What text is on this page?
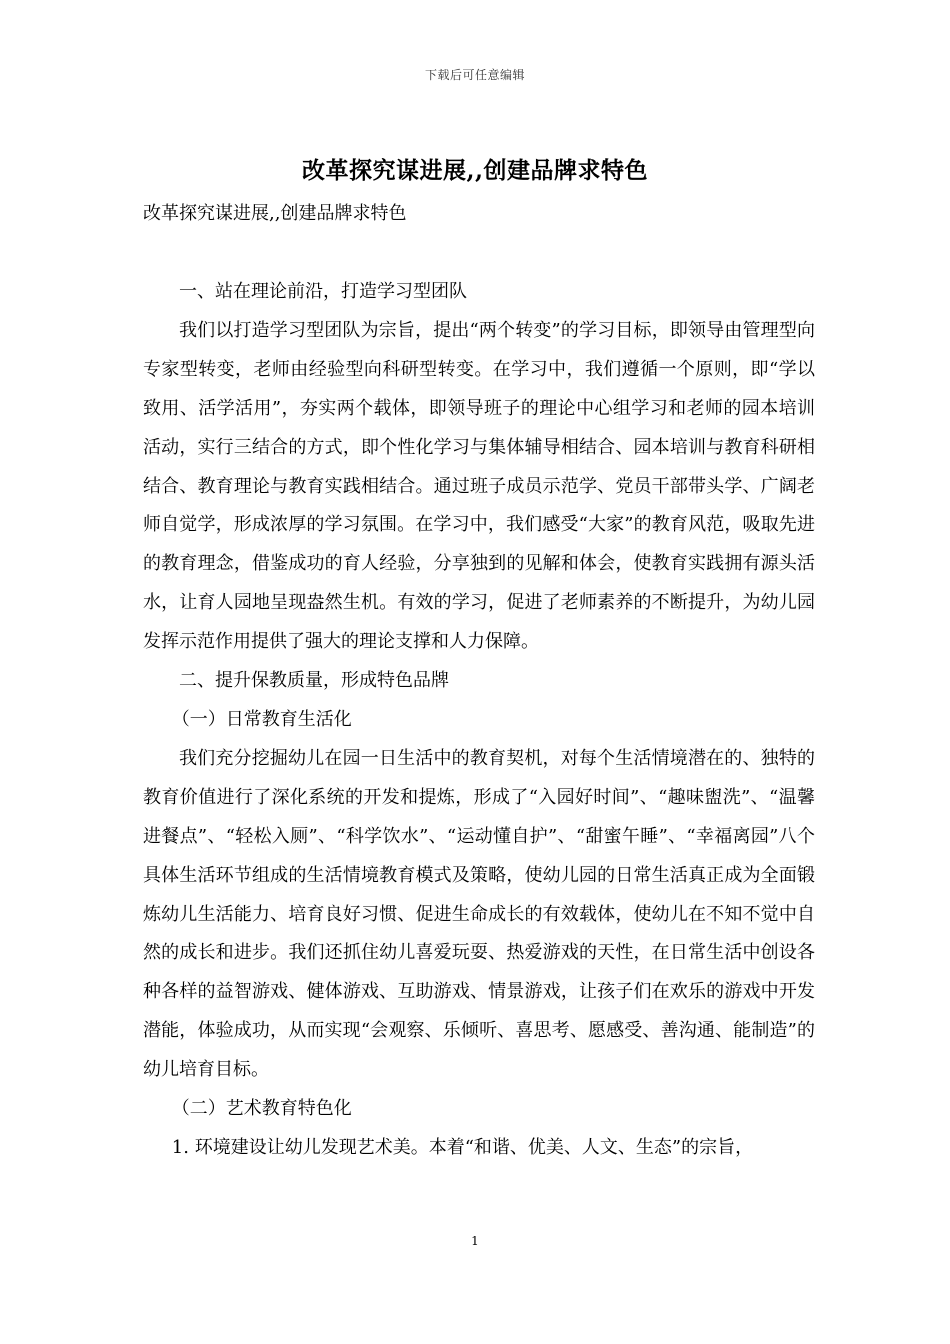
下载后可任意编辑
改革探究谋进展,,创建品牌求特色
改革探究谋进展,,创建品牌求特色

一、站在理论前沿，打造学习型团队

我们以打造学习型团队为宗旨，提出“两个转变”的学习目标，即领导由管理型向专家型转变，老师由经验型向科研型转变。在学习中，我们遵循一个原则，即“学以致用、活学活用”，夯实两个载体，即领导班子的理论中心组学习和老师的园本培训活动，实行三结合的方式，即个性化学习与集体辅导相结合、园本培训与教育科研相结合、教育理论与教育实践相结合。通过班子成员示范学、党员干部带头学、广阔老师自觉学，形成浓厚的学习氛围。在学习中，我们感受“大家”的教育风范，吸取先进的教育理念，借鉴成功的育人经验，分享独到的见解和体会，使教育实践拥有源头活水，让育人园地呈现盎然生机。有效的学习，促进了老师素养的不断提升，为幼儿园发挥示范作用提供了强大的理论支撑和人力保障。

二、提升保教质量，形成特色品牌

（一）日常教育生活化

我们充分挖掘幼儿在园一日生活中的教育契机，对每个生活情境潜在的、独特的教育价值进行了深化系统的开发和提炼，形成了“入园好时间”、“趣味盥洗”、“温馨进餐点”、“轻松入厕”、“科学饮水”、“运动懂自护”、“甜蜜午睡”、“幸福离园”八个具体生活环节组成的生活情境教育模式及策略，使幼儿园的日常生活真正成为全面锻炼幼儿生活能力、培育良好习惯、促进生命成长的有效载体，使幼儿在不知不觉中自然的成长和进步。我们还抓住幼儿喜爱玩耍、热爱游戏的天性，在日常生活中创设各种各样的益智游戏、健体游戏、互助游戏、情景游戏，让孩子们在欢乐的游戏中开发潜能，体验成功，从而实现“会观察、乐倾听、喜思考、愿感受、善沟通、能制造”的幼儿培育目标。

（二）艺术教育特色化

1. 环境建设让幼儿发现艺术美。本着“和谐、优美、人文、生态”的宗旨，

1
